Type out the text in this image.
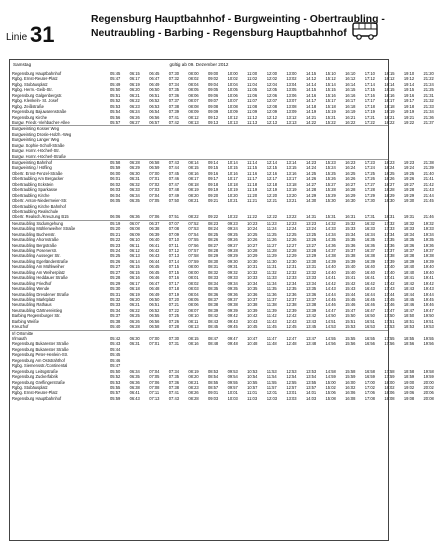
Linie 31
Regensburg Hauptbahnhof - Burgweinting - Obertraubling -
Neutraubling - Barbing - Regensburg Hauptbahnhof
Samstag	gültig ab 09. Dezember 2012
Regensburg Hauptbahnhof	05:45 06:15 06:45 07:30 08:00 09:00 10:00 11:00 12:00 13:00 14:15 15:10 16:10 17:10 18:15 19:10 21:20
Rgbg. Ernst-Reuter-Platz	05:47 06:17 06:47 07:32 08:02 09:02 10:02 11:02 12:02 13:02 14:12 15:12 16:12 17:12 18:12 19:12 21:22
Rgbg. Stobäusplatz	05:49 06:19 06:49 07:34 08:04 09:04 10:04 11:04 12:04 13:04 14:14 15:14 16:14 17:14 18:14 19:14 21:24
Rgbg. Herm.-Geib-Str.	05:50 06:20 06:50 07:35 08:05 09:05 10:05 11:05 12:05 13:05 14:15 15:15 16:15 17:15 18:15 19:15 21:25
Regensburg Galgenbergstr.	05:51 06:21 06:51 07:36 08:06 09:06 10:06 11:06 12:06 13:06 14:16 15:16 16:16 17:16 18:16 19:16 21:31
Rgbg. Klenkeln- St. Josef	05:52 06:22 06:52 07:37 08:07 09:07 10:07 11:07 12:07 13:07 14:17 15:17 16:17 17:17 18:17 19:17 21:32
Rgbg. Zeißstraße	05:53 06:23 06:53 07:38 08:08 09:08 10:08 11:08 12:08 13:08 14:18 15:18 16:18 17:18 18:18 19:18 21:33
Regensburg Bajuwarenstraße	05:54 06:24 06:54 07:39 08:09 09:09 10:09 11:09 12:09 13:09 14:19 15:19 16:19 17:19 18:19 19:19 21:34
Regensburg Kirche	05:56 06:26 06:56 07:41 08:12 09:12 10:12 11:12 12:12 13:12 14:21 15:21 16:21 17:21 18:21 19:21 21:36
Burgw. Friedr.-Viehbacher-Allee	05:57 06:27 06:57 07:42 08:13 09:13 10:13 11:13 12:13 13:13 14:22 15:22 16:22 17:22 18:22 19:22 21:37
Burgweinting Kosser Weg
Burgweinting Drosle-Holzh.-Weg
Burgweinting Langer Weg
Burgw. Sophie-Scholl-Straße
Burgw. Hornr.-Höcherl-Str.
Burgw. Hornr.-Höcherl-Straße
Burgweinting Bahnhof	05:58 06:28 06:58 07:43 08:14 09:14 10:14 11:14 12:14 13:14 14:23 15:23 16:23 17:23 18:23 19:23 21:38
Burgweinting / Höfling	05:59 06:29 06:59 07:44 08:15 09:15 10:15 11:15 12:15 13:15 14:24 15:24 16:24 17:24 18:24 19:24 21:39
Obertr. Ernst-Fenzel-Straße	06:00 06:30 07:00 07:45 08:16 09:16 10:16 11:16 12:16 13:16 14:25 15:25 16:25 17:25 18:25 19:25 21:40
Obertraubling Am Bergacker	06:01 06:31 07:01 07:46 08:17 09:17 10:17 11:17 12:17 13:17 14:26 15:26 16:26 17:26 18:26 19:26 21:41
Obertraubling Eckstein	06:02 06:32 07:02 07:47 08:18 09:18 10:18 11:18 12:18 13:18 14:27 15:27 16:27 17:27 18:27 19:27 21:42
Obertraubling Sparkasse	06:03 06:33 07:03 07:48 08:19 09:19 10:19 11:19 12:19 13:19 14:28 15:28 16:28 17:28 18:28 19:28 21:43
Obertraubling Kirche	06:04 06:34 07:04 07:49 08:20 09:20 10:20 11:20 12:20 13:20 14:29 15:29 16:29 17:29 18:29 19:29 21:44
Obertr. Anton-Niedermeier-Str.	06:05 06:35 07:05 07:50 08:21 09:21 10:21 11:21 12:21 13:21 14:30 15:30 16:30 17:30 18:30 19:30 21:45
Obertraubling Kirche Bahnhof
Obertraubling Realschule
Obertr. Realsch./Kreuzung B15	06:06 06:36 07:06 07:51 08:22 09:22 10:22 11:22 12:22 13:22 14:31 15:31 16:31 17:31 18:31 19:31 21:46
Neutraubling Südumgehung	05:19 06:07 06:37 07:07 07:52 08:23 09:23 10:23 11:23 12:23 13:23 14:32 15:32 16:32 17:32 18:32 19:32
Neutraubling Mühlenweiher Straße	05:20 06:08 06:38 07:08 07:53 08:24 09:24 10:24 11:24 12:24 13:24 14:33 15:33 16:33 17:33 18:33 19:33
Neutraubling Buchenstr.	05:21 06:09 06:39 07:09 07:54 08:25 09:25 10:25 11:25 12:25 13:25 14:34 15:34 16:34 17:34 18:34 19:34
Neutraubling Ahornstraße	05:22 06:10 06:40 07:10 07:55 08:26 09:26 10:26 11:26 12:26 13:26 14:35 15:35 16:35 17:35 18:35 19:35
Neutraubling Bergstraße	05:23 06:11 06:41 07:11 07:56 08:27 09:27 10:27 11:27 12:27 13:27 14:36 15:36 16:36 17:36 18:36 19:36
Neutraubling Posenerstr.	05:24 06:12 06:42 07:12 07:57 08:28 09:28 10:28 11:28 12:28 13:28 14:37 15:37 16:37 17:37 18:37 19:37
Neutraubling Ausseger Str.	05:25 06:13 06:43 07:13 07:58 08:29 09:29 10:29 11:29 12:29 13:29 14:38 15:38 16:38 17:38 18:38 19:38
Neutraubling Egerländerstraße	05:26 06:14 06:44 07:14 07:59 08:30 09:30 10:30 11:30 12:30 13:30 14:39 15:39 16:39 17:39 18:39 19:39
Neutraubling Am Mühlweiher	05:27 06:15 06:45 07:15 08:00 08:31 09:31 10:31 11:31 12:31 13:31 14:40 15:40 16:40 17:40 18:40 19:40
Neutraubling Am Weiherplatz	05:27 06:15 06:45 07:15 08:00 08:32 09:32 10:32 11:32 12:32 13:32 14:40 15:40 16:40 17:40 18:40 19:40
Neutraubling Heddauer Straße	05:28 06:16 06:46 07:16 08:01 08:33 09:33 10:33 11:33 12:33 13:33 14:41 15:41 16:41 17:41 18:41 19:41
Neutraubling Friedhof	05:29 06:17 06:47 07:17 08:02 08:34 09:34 10:34 11:34 12:34 13:34 14:42 15:42 16:42 17:42 18:42 19:42
Neutraubling Wende	05:30 06:18 06:48 07:18 08:03 08:35 09:35 10:35 11:35 12:35 13:35 14:43 15:43 16:43 17:43 18:43 19:43
Neutraubling Dresdener Straße	05:31 06:19 06:49 07:19 08:04 08:36 09:36 10:36 11:36 12:36 13:36 14:44 15:44 16:44 17:44 18:44 19:44
Neutraubling Marktplatz	05:32 06:20 06:50 07:20 08:05 08:37 09:37 10:37 11:37 12:37 13:37 14:45 15:45 16:45 17:45 18:45 19:45
Neutraubling Rathaus	05:33 06:21 06:51 07:21 08:06 08:38 09:38 10:38 11:38 12:38 13:38 14:46 15:46 16:46 17:46 18:46 19:46
Neutraubling Gärtnereistieg	05:34 06:22 06:52 07:22 08:07 08:39 09:39 10:39 11:39 12:39 13:39 14:47 15:47 16:47 17:47 18:47 19:47
Barbing Regensburger Str.	05:37 06:25 06:55 07:25 08:10 08:42 09:42 10:42 11:42 12:42 13:42 14:50 15:50 16:50 17:50 18:50 19:50
Barbing Weiße	05:38 06:26 06:56 07:26 08:11 08:43 09:43 10:43 11:43 12:43 13:43 14:51 15:51 16:51 17:51 18:51 19:51
Kreuzhof	05:40 06:28 06:58 07:28 08:13 08:45 09:45 10:45 11:45 12:45 13:45 14:53 15:53 16:53 17:53 18:53 19:53
Irl Ortsmitte
Irlmauth	05:42 06:30 07:00 07:30 08:15 08:47 09:47 10:47 11:47 12:47 13:47 14:55 15:55 16:55 17:55 18:55 19:55
Regensburg Bukarester Straße	05:43 06:31 07:01 07:31 08:16 08:48 09:48 10:48 11:48 12:48 13:48 14:56 15:56 16:56 17:56 18:56 19:56
Regensburg Bukarester Straße	05:44
Regensburg Peter-Henlein-Str.	05:45
Regensburg Am Oststrahthof	05:46
Rgbg. Siemensstr./Continental	05:47
Regensburg Leitsgstraße	05:50 06:34 07:04 07:34 08:19 08:53 09:53 10:53 11:53 12:53 13:53 14:58 15:58 16:58 17:58 18:58 19:58
Regensburg Zuckerfabrik	05:52 06:35 07:05 07:35 08:20 08:54 09:54 10:54 11:54 12:54 13:54 14:59 15:59 16:59 17:59 18:59 19:59
Regensburg Greflingerstraße	05:53 06:36 07:06 07:36 08:21 08:55 09:55 10:55 11:55 12:55 13:55 15:00 16:00 17:00 18:00 19:00 20:00
Rgbg. Stobäusplatz	05:55 06:38 07:08 07:38 08:23 08:57 09:57 10:57 11:57 12:57 13:57 15:02 16:02 17:02 18:02 19:02 20:02
Rgbg. Ernst-Reuter-Platz	05:57 06:41 07:11 07:41 08:26 09:01 10:01 11:01 12:01 13:01 14:01 15:06 16:06 17:06 18:06 19:06 20:06
Regensburg Hauptbahnhof	05:59 06:43 07:13 07:43 08:28 09:03 10:03 11:03 12:03 13:03 14:03 15:08 16:08 17:08 18:08 19:08 20:08
